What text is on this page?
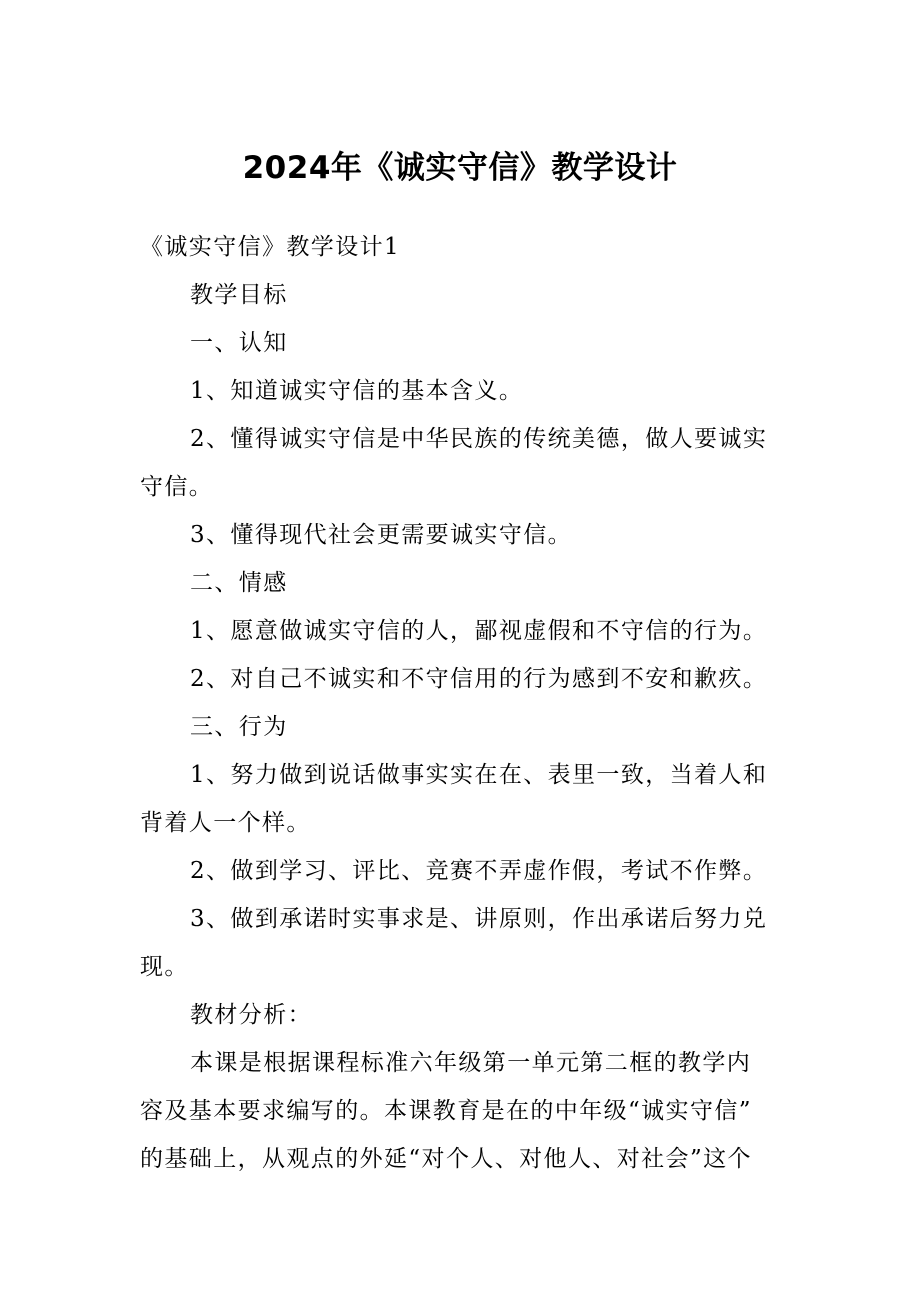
2024年《诚实守信》教学设计

《诚实守信》教学设计1

教学目标

一、认知

1、知道诚实守信的基本含义。

2、懂得诚实守信是中华民族的传统美德，做人要诚实

守信。

3、懂得现代社会更需要诚实守信。

二、情感

1、愿意做诚实守信的人，鄙视虚假和不守信的行为。

2、对自己不诚实和不守信用的行为感到不安和歉疚。

三、行为

1、努力做到说话做事实实在在、表里一致，当着人和

背着人一个样。

2、做到学习、评比、竞赛不弄虚作假，考试不作弊。

3、做到承诺时实事求是、讲原则，作出承诺后努力兑

现。

教材分析：

本课是根据课程标准六年级第一单元第二框的教学内

容及基本要求编写的。本课教育是在的中年级“诚实守信”

的基础上，从观点的外延“对个人、对他人、对社会”这个
